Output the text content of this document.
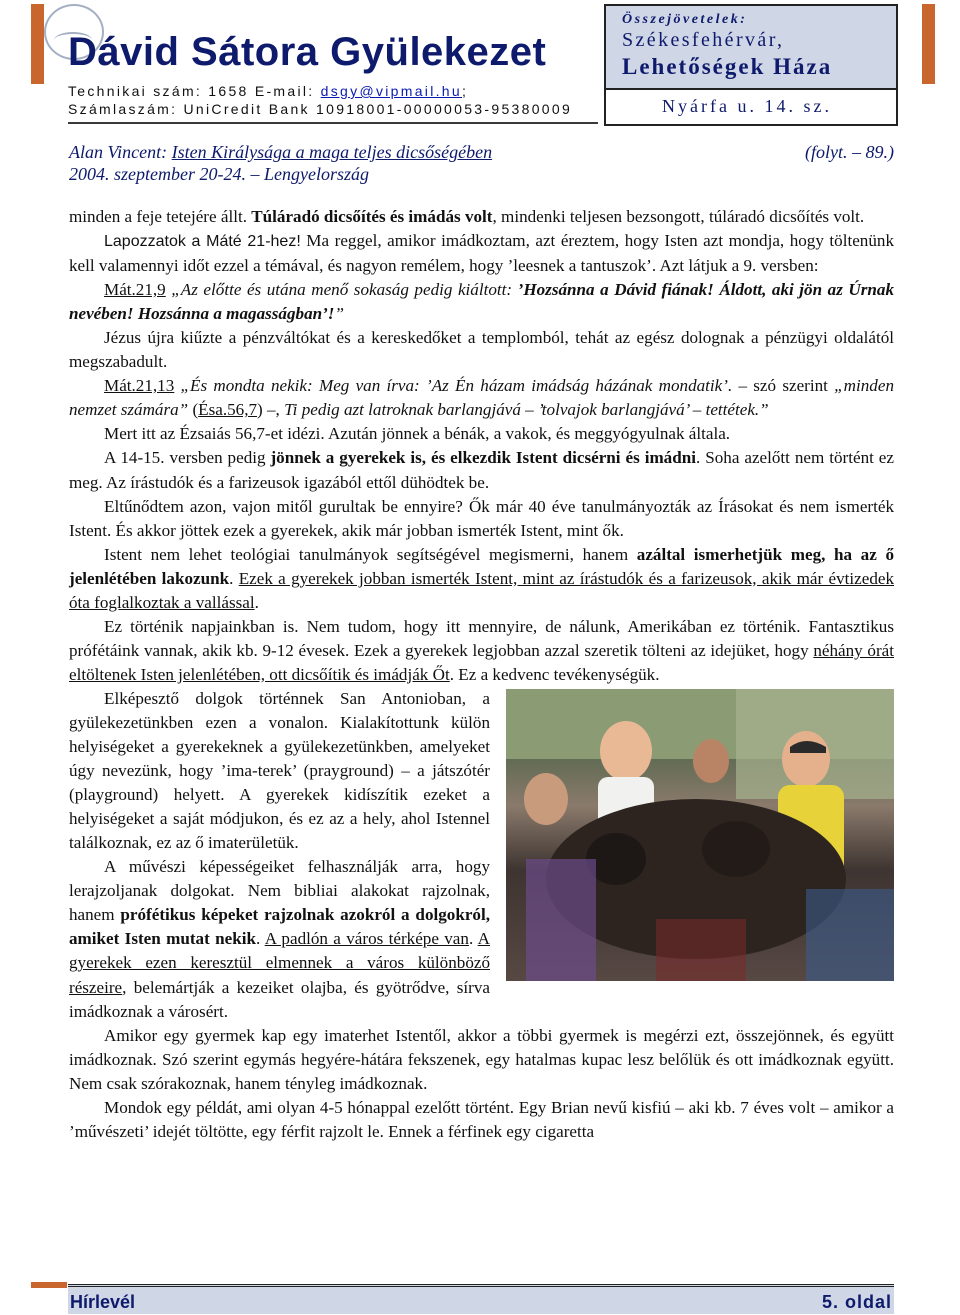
Dávid Sátora Gyülekezet
Technikai szám: 1658 E-mail: dsgy@vipmail.hu;
Számlaszám: UniCredit Bank 10918001-00000053-95380009

Összejövetelek:

Székesfehérvár,
Lehetőségek Háza
Nyárfa u. 14. sz.
Alan Vincent: Isten Királysága a maga teljes dicsőségében	(folyt. – 89.)
2004. szeptember 20-24. – Lengyelország

minden a feje tetejére állt. Túláradó dicsőítés és imádás volt, mindenki teljesen bezsongott, túláradó dicsőítés volt.

Lapozzatok a Máté 21-hez! Ma reggel, amikor imádkoztam, azt éreztem, hogy Isten azt mondja, hogy töltenünk kell valamennyi időt ezzel a témával, és nagyon remélem, hogy ’leesnek a tantuszok’. Azt látjuk a 9. versben:

Mát.21,9 „Az előtte és utána menő sokaság pedig kiáltott: ’Hozsánna a Dávid fiának! Áldott, aki jön az Úrnak nevében! Hozsánna a magasságban’!”

Jézus újra kiűzte a pénzváltókat és a kereskedőket a templomból, tehát az egész dolognak a pénzügyi oldalától megszabadult.

Mát.21,13 „És mondta nekik: Meg van írva: ’Az Én házam imádság házának mondatik’. – szó szerint „minden nemzet számára” (Ésa.56,7) –, Ti pedig azt latroknak barlangjává – ’tolvajok barlangjává’ – tettétek.”

Mert itt az Ézsaiás 56,7-et idézi. Azután jönnek a bénák, a vakok, és meggyógyulnak általa.

A 14-15. versben pedig jönnek a gyerekek is, és elkezdik Istent dicsérni és imádni. Soha azelőtt nem történt ez meg. Az írástudók és a farizeusok igazából ettől dühödtek be.

Eltűnődtem azon, vajon mitől gurultak be ennyire? Ők már 40 éve tanulmányozták az Írásokat és nem ismerték Istent. És akkor jöttek ezek a gyerekek, akik már jobban ismerték Istent, mint ők.

Istent nem lehet teológiai tanulmányok segítségével megismerni, hanem azáltal ismerhetjük meg, ha az ő jelenlétében lakozunk. Ezek a gyerekek jobban ismerték Istent, mint az írástudók és a farizeusok, akik már évtizedek óta foglalkoztak a vallással.

Ez történik napjainkban is. Nem tudom, hogy itt mennyire, de nálunk, Amerikában ez történik. Fantasztikus prófétáink vannak, akik kb. 9-12 évesek. Ezek a gyerekek legjobban azzal szeretik tölteni az idejüket, hogy néhány órát eltöltenek Isten jelenlétében, ott dicsőítik és imádják Őt. Ez a kedvenc tevékenységük.

Elképesztő dolgok történnek San Antonioban, a gyülekezetünkben ezen a vonalon. Kialakítottunk külön helyiségeket a gyerekeknek a gyülekezetünkben, amelyeket úgy nevezünk, hogy ’ima-terek’ (prayground) – a játszótér (playground) helyett. A gyerekek kidíszítik ezeket a helyiségeket a saját módjukon, és ez az a hely, ahol Istennel találkoznak, ez az ő imaterületük.

A művészi képességeiket felhasználják arra, hogy lerajzoljanak dolgokat. Nem bibliai alakokat rajzolnak, hanem prófétikus képeket rajzolnak azokról a dolgokról, amiket Isten mutat nekik. A padlón a város térképe van. A gyerekek ezen keresztül elmennek a város különböző részeire, belemártják a kezeiket olajba, és gyötrődve, sírva imádkoznak a városért.

Amikor egy gyermek kap egy imaterhet Istentől, akkor a többi gyermek is megérzi ezt, összejönnek, és együtt imádkoznak. Szó szerint egymás hegyére-hátára fekszenek, egy hatalmas kupac lesz belőlük és ott imádkoznak együtt. Nem csak szórakoznak, hanem tényleg imádkoznak.

Mondok egy példát, ami olyan 4-5 hónappal ezelőtt történt. Egy Brian nevű kisfiú – aki kb. 7 éves volt – amikor a ’művészeti’ idejét töltötte, egy férfit rajzolt le. Ennek a férfinek egy cigaretta

Hírlevél	5. oldal
